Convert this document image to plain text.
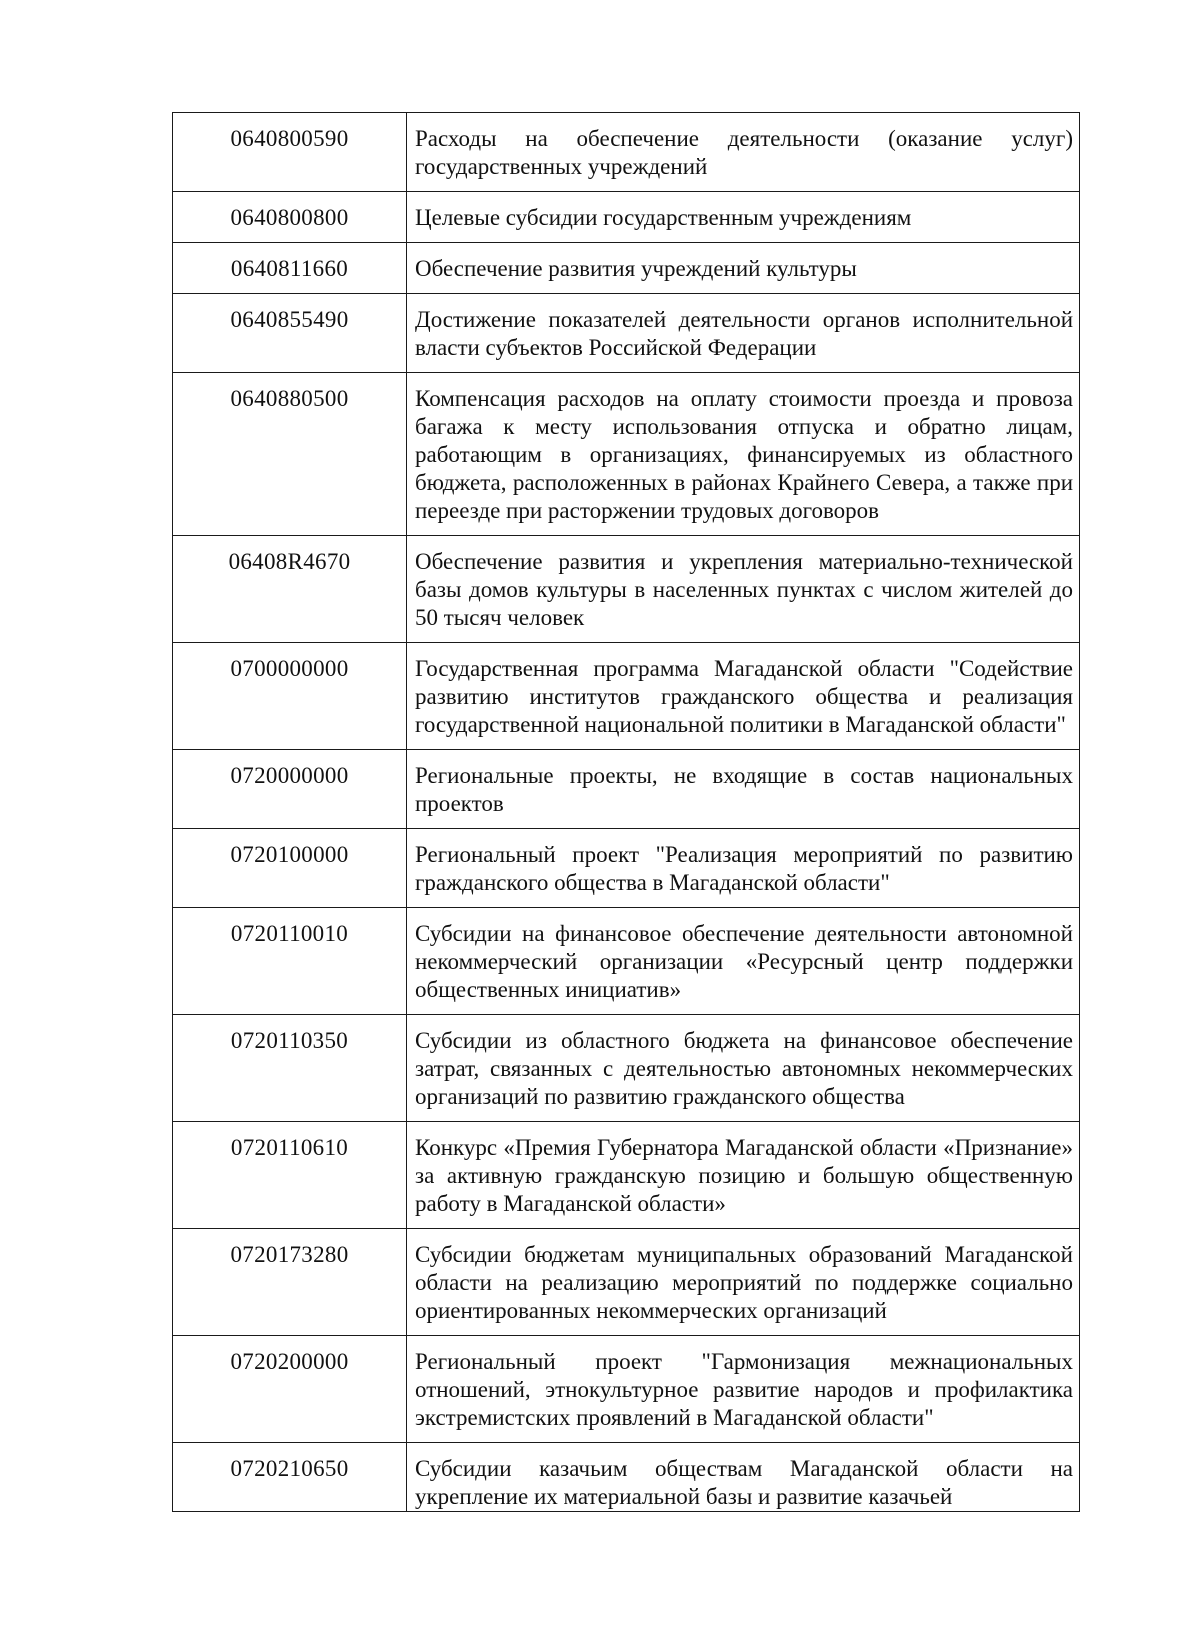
0640800590	Расходы на обеспечение деятельности (оказание услуг) государственных учреждений
0640800800	Целевые субсидии государственным учреждениям
0640811660	Обеспечение развития учреждений культуры
0640855490	Достижение показателей деятельности органов исполнительной власти субъектов Российской Федерации
0640880500	Компенсация расходов на оплату стоимости проезда и провоза багажа к месту использования отпуска и обратно лицам, работающим в организациях, финансируемых из областного бюджета, расположенных в районах Крайнего Севера, а также при переезде при расторжении трудовых договоров
06408R4670	Обеспечение развития и укрепления материально-технической базы домов культуры в населенных пунктах с числом жителей до 50 тысяч человек
0700000000	Государственная программа Магаданской области "Содействие развитию институтов гражданского общества и реализация государственной национальной политики в Магаданской области"
0720000000	Региональные проекты, не входящие в состав национальных проектов
0720100000	Региональный проект "Реализация мероприятий по развитию гражданского общества в Магаданской области"
0720110010	Субсидии на финансовое обеспечение деятельности автономной некоммерческий организации «Ресурсный центр поддержки общественных инициатив»
0720110350	Субсидии из областного бюджета на финансовое обеспечение затрат, связанных с деятельностью автономных некоммерческих организаций по развитию гражданского общества
0720110610	Конкурс «Премия Губернатора Магаданской области «Признание» за активную гражданскую позицию и большую общественную работу в Магаданской области»
0720173280	Субсидии бюджетам муниципальных образований Магаданской области на реализацию мероприятий по поддержке социально ориентированных некоммерческих организаций
0720200000	Региональный проект "Гармонизация межнациональных отношений, этнокультурное развитие народов и профилактика экстремистских проявлений в Магаданской области"
0720210650	Субсидии казачьим обществам Магаданской области на укрепление их материальной базы и развитие казачьей
